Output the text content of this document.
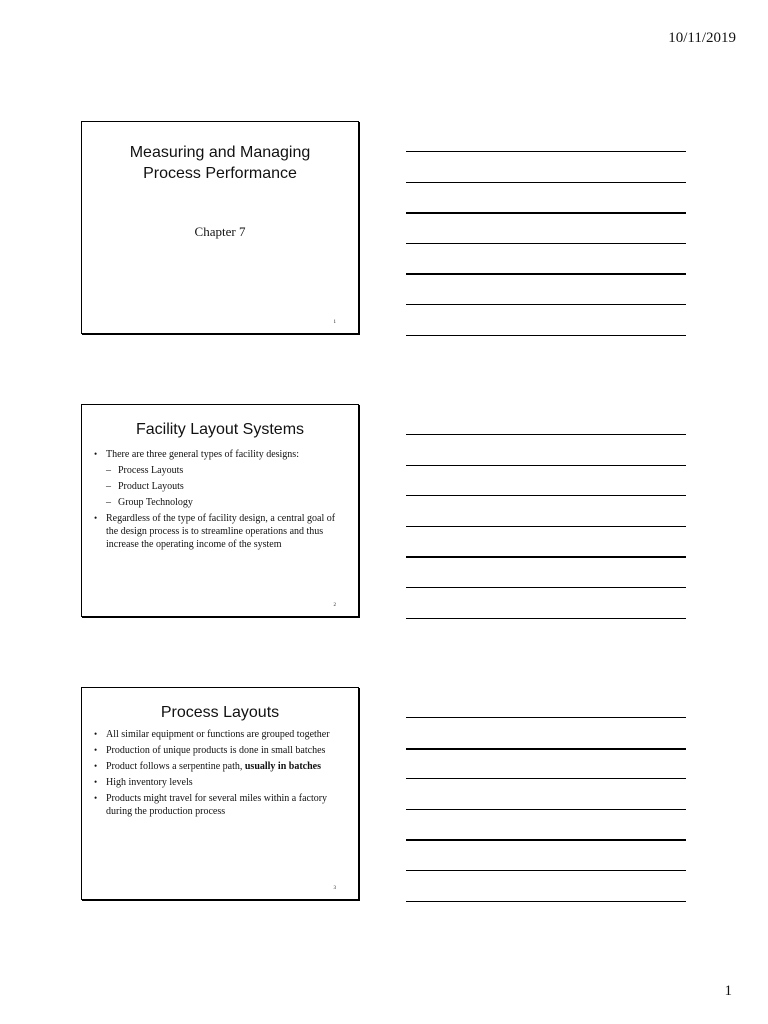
10/11/2019
Measuring and Managing
Process Performance
Chapter 7
1
Facility Layout Systems
• There are three general types of facility designs:
– Process Layouts
– Product Layouts
– Group Technology
• Regardless of the type of facility design, a central goal of the design process is to streamline operations and thus increase the operating income of the system
2
Process Layouts
• All similar equipment or functions are grouped together
• Production of unique products is done in small batches
• Product follows a serpentine path, usually in batches
• High inventory levels
• Products might travel for several miles within a factory during the production process
3
1
